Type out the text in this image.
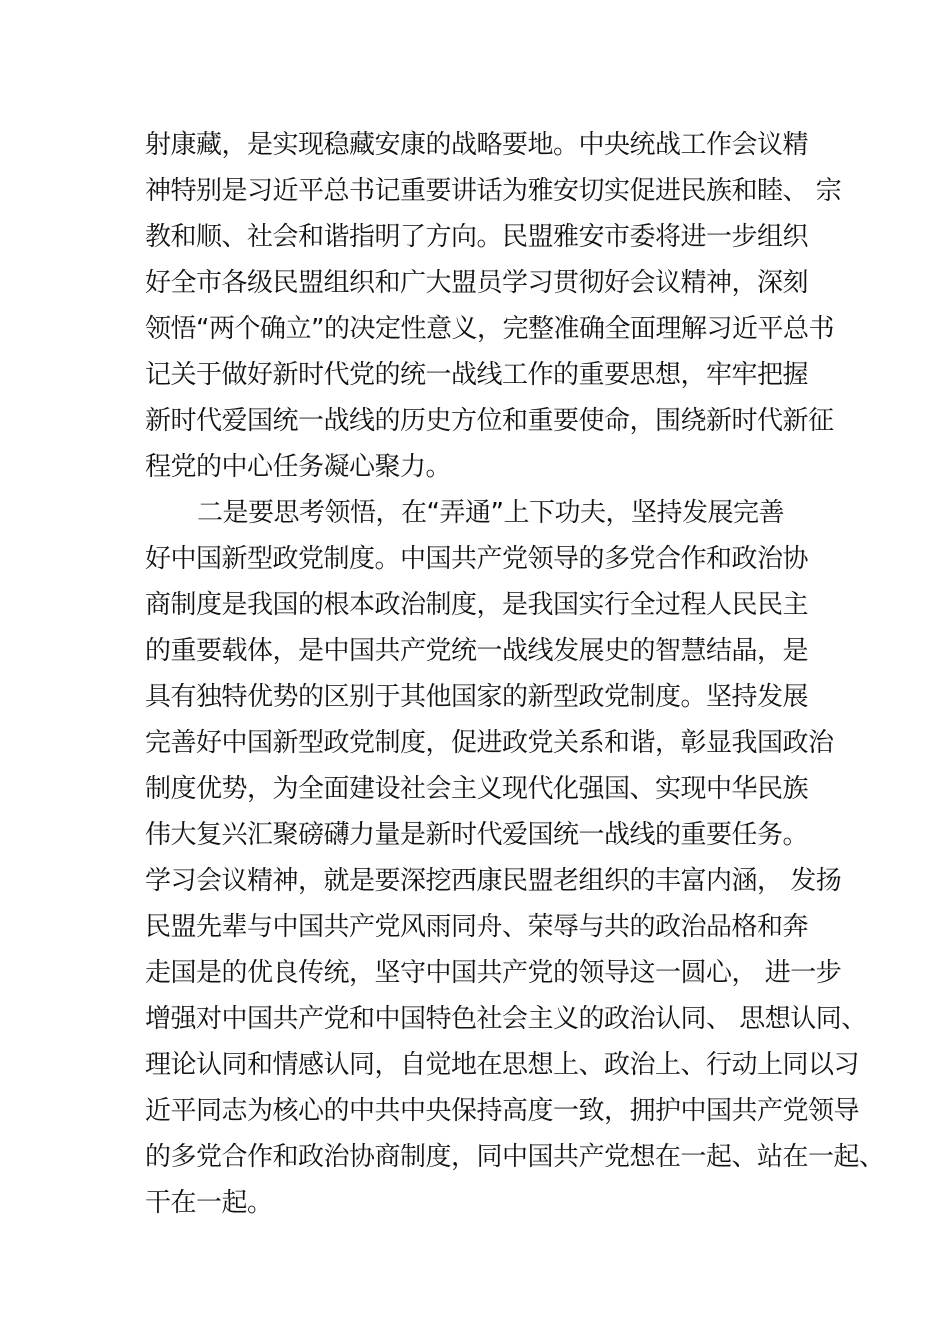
射康藏，是实现稳藏安康的战略要地。中央统战工作会议精
神特别是习近平总书记重要讲话为雅安切实促进民族和睦、 宗
教和顺、社会和谐指明了方向。民盟雅安市委将进一步组织
好全市各级民盟组织和广大盟员学习贯彻好会议精神，深刻
领悟“两个确立”的决定性意义，完整准确全面理解习近平总书
记关于做好新时代党的统一战线工作的重要思想，牢牢把握
新时代爱国统一战线的历史方位和重要使命，围绕新时代新征
程党的中心任务凝心聚力。
二是要思考领悟，在“弄通”上下功夫，坚持发展完善
好中国新型政党制度。中国共产党领导的多党合作和政治协
商制度是我国的根本政治制度，是我国实行全过程人民民主
的重要载体，是中国共产党统一战线发展史的智慧结晶，是
具有独特优势的区别于其他国家的新型政党制度。坚持发展
完善好中国新型政党制度，促进政党关系和谐，彰显我国政治
制度优势，为全面建设社会主义现代化强国、实现中华民族
伟大复兴汇聚磅礴力量是新时代爱国统一战线的重要任务。
学习会议精神，就是要深挖西康民盟老组织的丰富内涵， 发扬
民盟先辈与中国共产党风雨同舟、荣辱与共的政治品格和奔
走国是的优良传统，坚守中国共产党的领导这一圆心， 进一步
增强对中国共产党和中国特色社会主义的政治认同、 思想认同、
理论认同和情感认同，自觉地在思想上、政治上、行动上同以习
近平同志为核心的中共中央保持高度一致，拥护中国共产党领导
的多党合作和政治协商制度，同中国共产党想在一起、站在一起、
干在一起。
